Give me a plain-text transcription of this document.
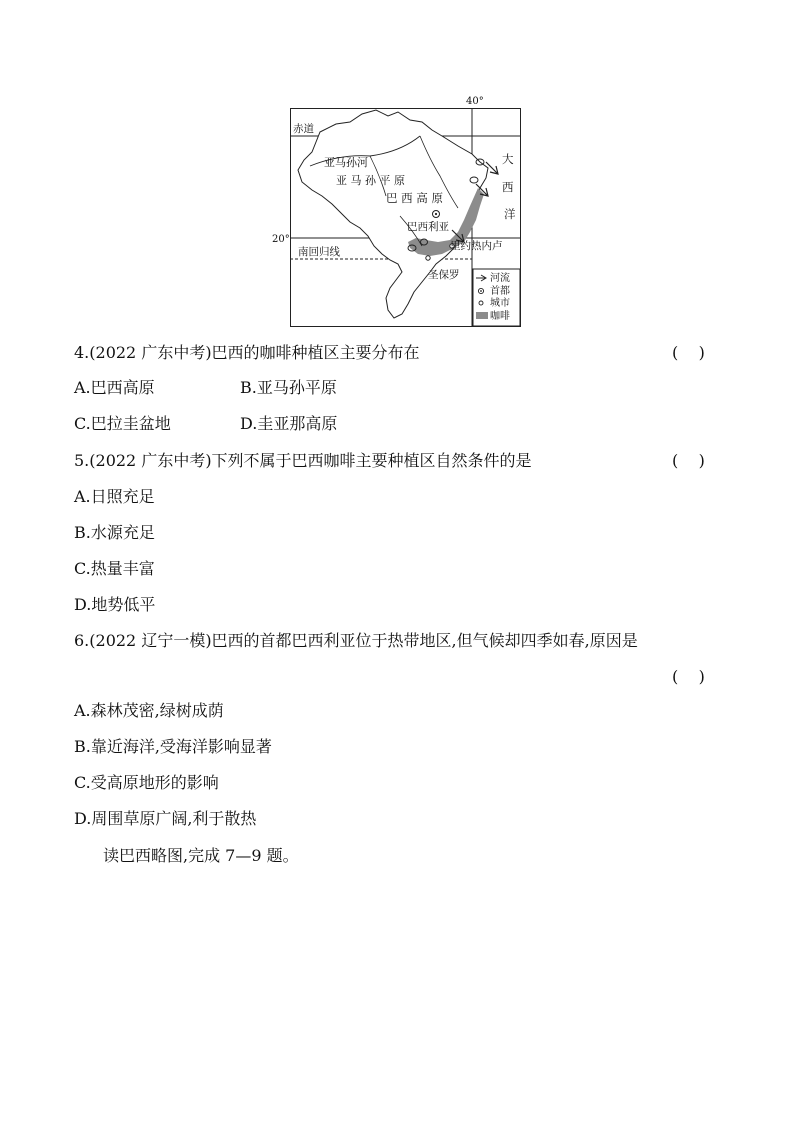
河流
首都
城市
咖啡
40°
赤道
20°
南回归线
亚马孙河
亚 马 孙 平 原
巴 西 高 原
大
西
洋
巴西利亚
里约热内卢
圣保罗
4.(2022 广东中考)巴西的咖啡种植区主要分布在	(    )
A.巴西高原	B.亚马孙平原
C.巴拉圭盆地	D.圭亚那高原
5.(2022 广东中考)下列不属于巴西咖啡主要种植区自然条件的是	(    )
A.日照充足
B.水源充足
C.热量丰富
D.地势低平
6.(2022 辽宁一模)巴西的首都巴西利亚位于热带地区,但气候却四季如春,原因是
(    )
A.森林茂密,绿树成荫
B.靠近海洋,受海洋影响显著
C.受高原地形的影响
D.周围草原广阔,利于散热
读巴西略图,完成 7—9 题。
